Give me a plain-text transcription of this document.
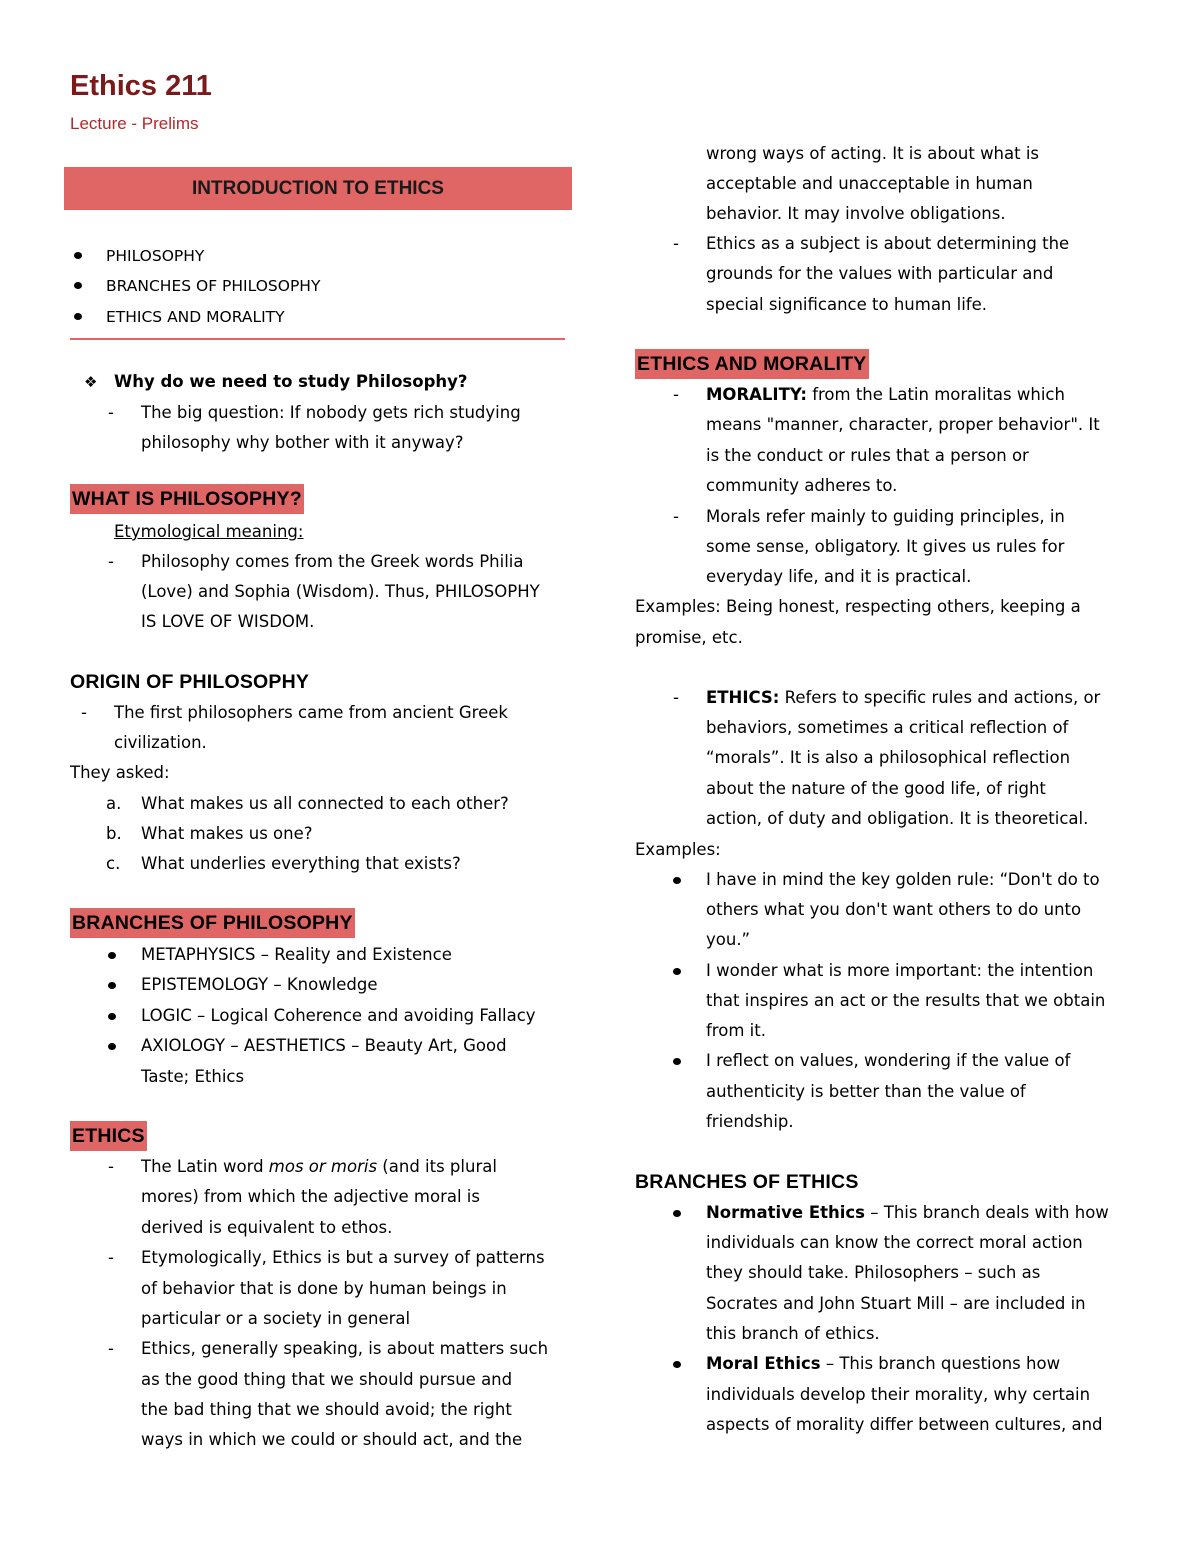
Ethics 211
Lecture - Prelims
INTRODUCTION TO ETHICS
PHILOSOPHY
BRANCHES OF PHILOSOPHY
ETHICS AND MORALITY
❖ Why do we need to study Philosophy?
- The big question: If nobody gets rich studying
philosophy why bother with it anyway?
WHAT IS PHILOSOPHY?
Etymological meaning:
- Philosophy comes from the Greek words Philia
(Love) and Sophia (Wisdom). Thus, PHILOSOPHY
IS LOVE OF WISDOM.
ORIGIN OF PHILOSOPHY
- The first philosophers came from ancient Greek
civilization.
They asked:
a. What makes us all connected to each other?
b. What makes us one?
c. What underlies everything that exists?
BRANCHES OF PHILOSOPHY
METAPHYSICS – Reality and Existence
EPISTEMOLOGY – Knowledge
LOGIC – Logical Coherence and avoiding Fallacy
AXIOLOGY – AESTHETICS – Beauty Art, Good
Taste; Ethics
ETHICS
- The Latin word mos or moris (and its plural
mores) from which the adjective moral is
derived is equivalent to ethos.
- Etymologically, Ethics is but a survey of patterns
of behavior that is done by human beings in
particular or a society in general
- Ethics, generally speaking, is about matters such
as the good thing that we should pursue and
the bad thing that we should avoid; the right
ways in which we could or should act, and the
wrong ways of acting. It is about what is
acceptable and unacceptable in human
behavior. It may involve obligations.
- Ethics as a subject is about determining the
grounds for the values with particular and
special significance to human life.
ETHICS AND MORALITY
- MORALITY: from the Latin moralitas which
means "manner, character, proper behavior". It
is the conduct or rules that a person or
community adheres to.
- Morals refer mainly to guiding principles, in
some sense, obligatory. It gives us rules for
everyday life, and it is practical.
Examples: Being honest, respecting others, keeping a
promise, etc.
- ETHICS: Refers to specific rules and actions, or
behaviors, sometimes a critical reflection of
“morals”. It is also a philosophical reflection
about the nature of the good life, of right
action, of duty and obligation. It is theoretical.
Examples:
I have in mind the key golden rule: “Don't do to
others what you don't want others to do unto
you.”
I wonder what is more important: the intention
that inspires an act or the results that we obtain
from it.
I reflect on values, wondering if the value of
authenticity is better than the value of
friendship.
BRANCHES OF ETHICS
Normative Ethics – This branch deals with how
individuals can know the correct moral action
they should take. Philosophers – such as
Socrates and John Stuart Mill – are included in
this branch of ethics.
Moral Ethics – This branch questions how
individuals develop their morality, why certain
aspects of morality differ between cultures, and
